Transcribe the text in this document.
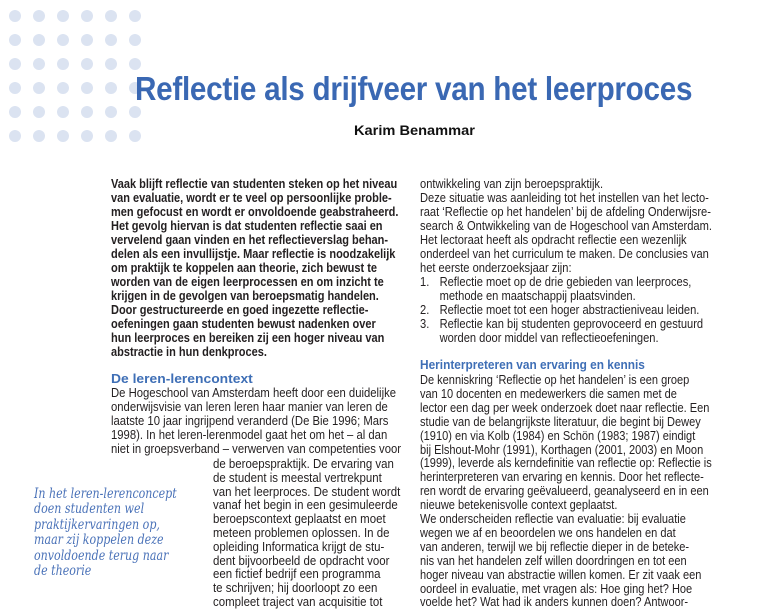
Reflectie als drijfveer van het leerproces
Karim Benammar
Vaak blijft reflectie van studenten steken op het niveau
van evaluatie, wordt er te veel op persoonlijke proble-
men gefocust en wordt er onvoldoende geabstraheerd.
Het gevolg hiervan is dat studenten reflectie saai en
vervelend gaan vinden en het reflectieverslag behan-
delen als een invullijstje. Maar reflectie is noodzakelijk
om praktijk te koppelen aan theorie, zich bewust te
worden van de eigen leerprocessen en om inzicht te
krijgen in de gevolgen van beroepsmatig handelen.
Door gestructureerde en goed ingezette reflectie-
oefeningen gaan studenten bewust nadenken over
hun leerproces en bereiken zij een hoger niveau van
abstractie in hun denkproces.
De leren-lerencontext
De Hogeschool van Amsterdam heeft door een duidelijke
onderwijsvisie van leren leren haar manier van leren de
laatste 10 jaar ingrijpend veranderd (De Bie 1996; Mars
1998). In het leren-lerenmodel gaat het om het – al dan
niet in groepsverband – verwerven van competenties voor
de beroepspraktijk. De ervaring van
de student is meestal vertrekpunt
van het leerproces. De student wordt
vanaf het begin in een gesimuleerde
beroepscontext geplaatst en moet
meteen problemen oplossen. In de
opleiding Informatica krijgt de stu-
dent bijvoorbeeld de opdracht voor
een fictief bedrijf een programma
te schrijven; hij doorloopt zo een
compleet traject van acquisitie tot
In het leren-lerenconcept
doen studenten wel
praktijkervaringen op,
maar zij koppelen deze
onvoldoende terug naar
de theorie
ontwikkeling van zijn beroepspraktijk.
Deze situatie was aanleiding tot het instellen van het lecto-
raat ‘Reflectie op het handelen’ bij de afdeling Onderwijsre-
search & Ontwikkeling van de Hogeschool van Amsterdam.
Het lectoraat heeft als opdracht reflectie een wezenlijk
onderdeel van het curriculum te maken. De conclusies van
het eerste onderzoeksjaar zijn:
1. Reflectie moet op de drie gebieden van leerproces,
methode en maatschappij plaatsvinden.
2. Reflectie moet tot een hoger abstractieniveau leiden.
3. Reflectie kan bij studenten geprovoceerd en gestuurd
worden door middel van reflectieoefeningen.
Herinterpreteren van ervaring en kennis
De kenniskring ‘Reflectie op het handelen’ is een groep
van 10 docenten en medewerkers die samen met de
lector een dag per week onderzoek doet naar reflectie. Een
studie van de belangrijkste literatuur, die begint bij Dewey
(1910) en via Kolb (1984) en Schön (1983; 1987) eindigt
bij Elshout-Mohr (1991), Korthagen (2001, 2003) en Moon
(1999), leverde als kerndefinitie van reflectie op: Reflectie is
herinterpreteren van ervaring en kennis. Door het reflecte-
ren wordt de ervaring geëvalueerd, geanalyseerd en in een
nieuwe betekenisvolle context geplaatst.
We onderscheiden reflectie van evaluatie: bij evaluatie
wegen we af en beoordelen we ons handelen en dat
van anderen, terwijl we bij reflectie dieper in de beteke-
nis van het handelen zelf willen doordringen en tot een
hoger niveau van abstractie willen komen. Er zit vaak een
oordeel in evaluatie, met vragen als: Hoe ging het? Hoe
voelde het? Wat had ik anders kunnen doen? Antwoor-
